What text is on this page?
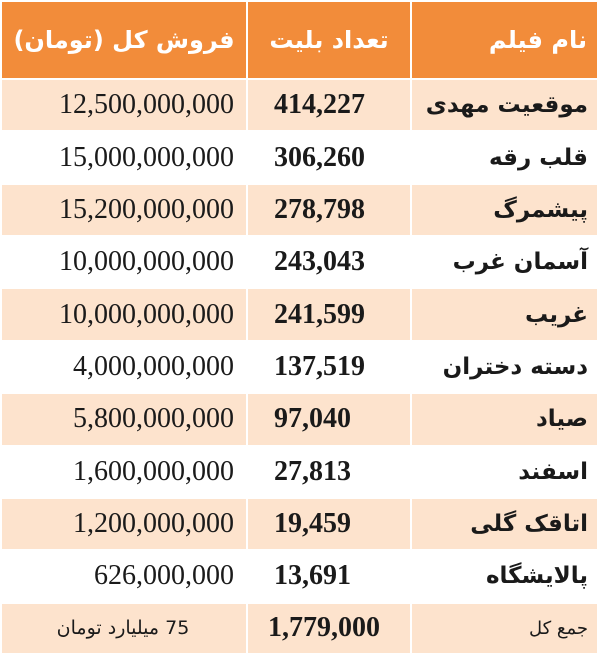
نام فیلم	تعداد بلیت	فروش کل (تومان)
موقعیت مهدی	414,227	12,500,000,000
قلب رقه	306,260	15,000,000,000
پیشمرگ	278,798	15,200,000,000
آسمان غرب	243,043	10,000,000,000
غریب	241,599	10,000,000,000
دسته دختران	137,519	4,000,000,000
صیاد	97,040	5,800,000,000
اسفند	27,813	1,600,000,000
اتاقک گلی	19,459	1,200,000,000
پالایشگاه	13,691	626,000,000
جمع کل	1,779,000	75 میلیارد تومان
